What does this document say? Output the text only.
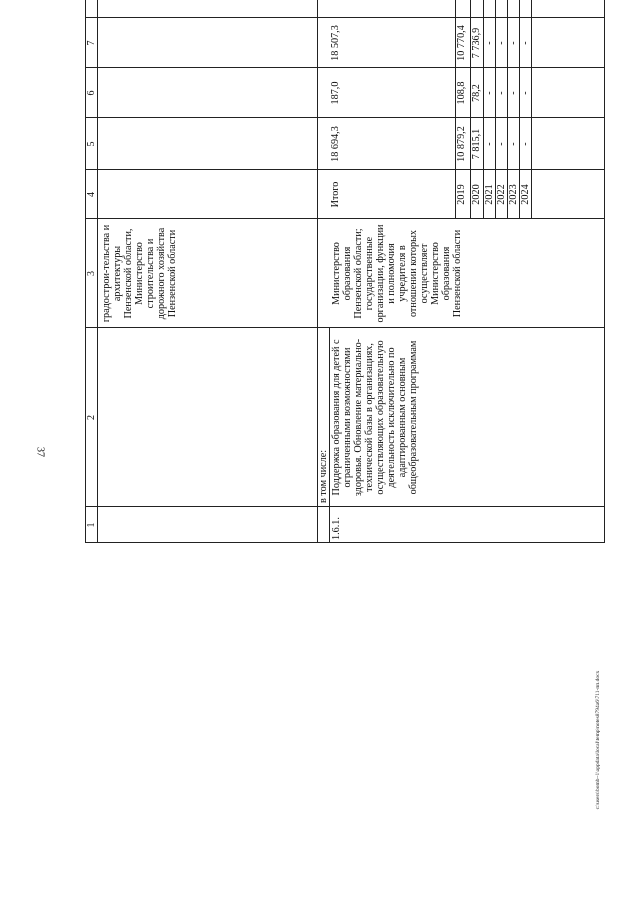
37
c:\users\bomb~1\appdata\local\temp\notes8794a6\711-пп.docx
1
2
3
4
5
6
7
градострои-тельства и архитектуры Пензенской области, Министерство строительства и дорожного хозяйства Пензенской области
в том числе:
1.6.1.
Поддержка образования для детей с ограниченными возможностями здоровья. Обновление материально-технической базы в организациях, осуществляющих образовательную деятельность исключительно по адаптированным основным общеобразовательным программам
Министерство образования Пензенской области; государственные организации, функции и полномочия учредителя в отношении которых осуществляет Министерство образования Пензенской области
Итого
18 694,3
187,0
18 507,3
2019
10 879,2
108,8
10 770,4
2020
7 815,1
78,2
7 736,9
2021
-
-
-
2022
-
-
-
2023
-
-
-
2024
-
-
-
